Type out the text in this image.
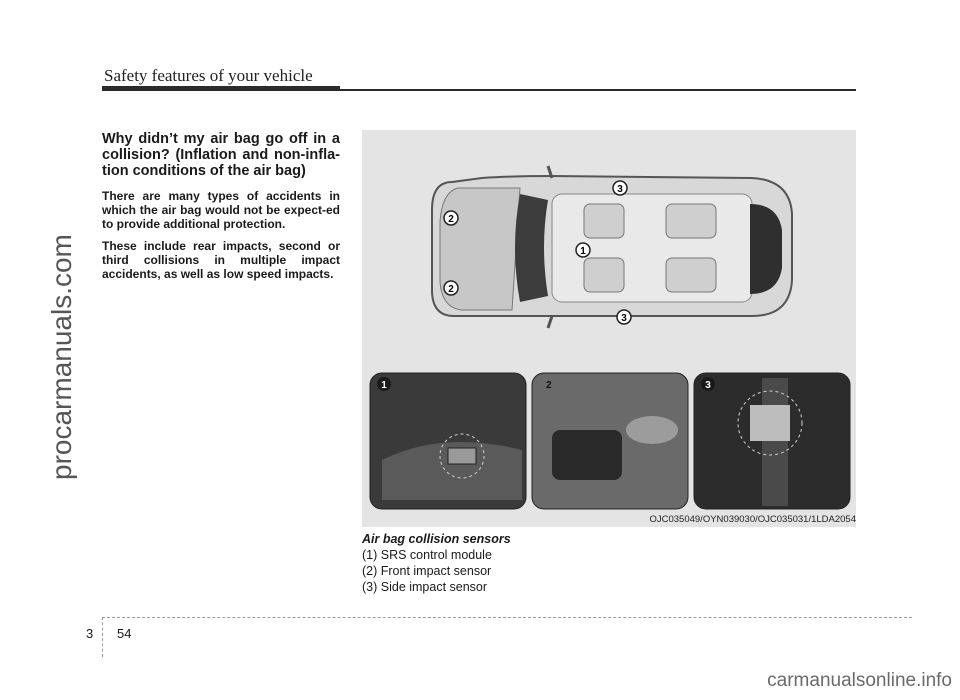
Safety features of your vehicle
procarmanuals.com

Why didn’t my air bag go off in a collision? (Inflation and non-infla-tion conditions of the air bag)

There are many types of accidents in which the air bag would not be expect-ed to provide additional protection.

These include rear impacts, second or third collisions in multiple impact accidents, as well as low speed impacts.

1
2
2
3
3
1	2	3
OJC035049/OYN039030/OJC035031/1LDA2054
Air bag collision sensors
(1) SRS control module
(2) Front impact sensor
(3) Side impact sensor
3 54
carmanualsonline.info
